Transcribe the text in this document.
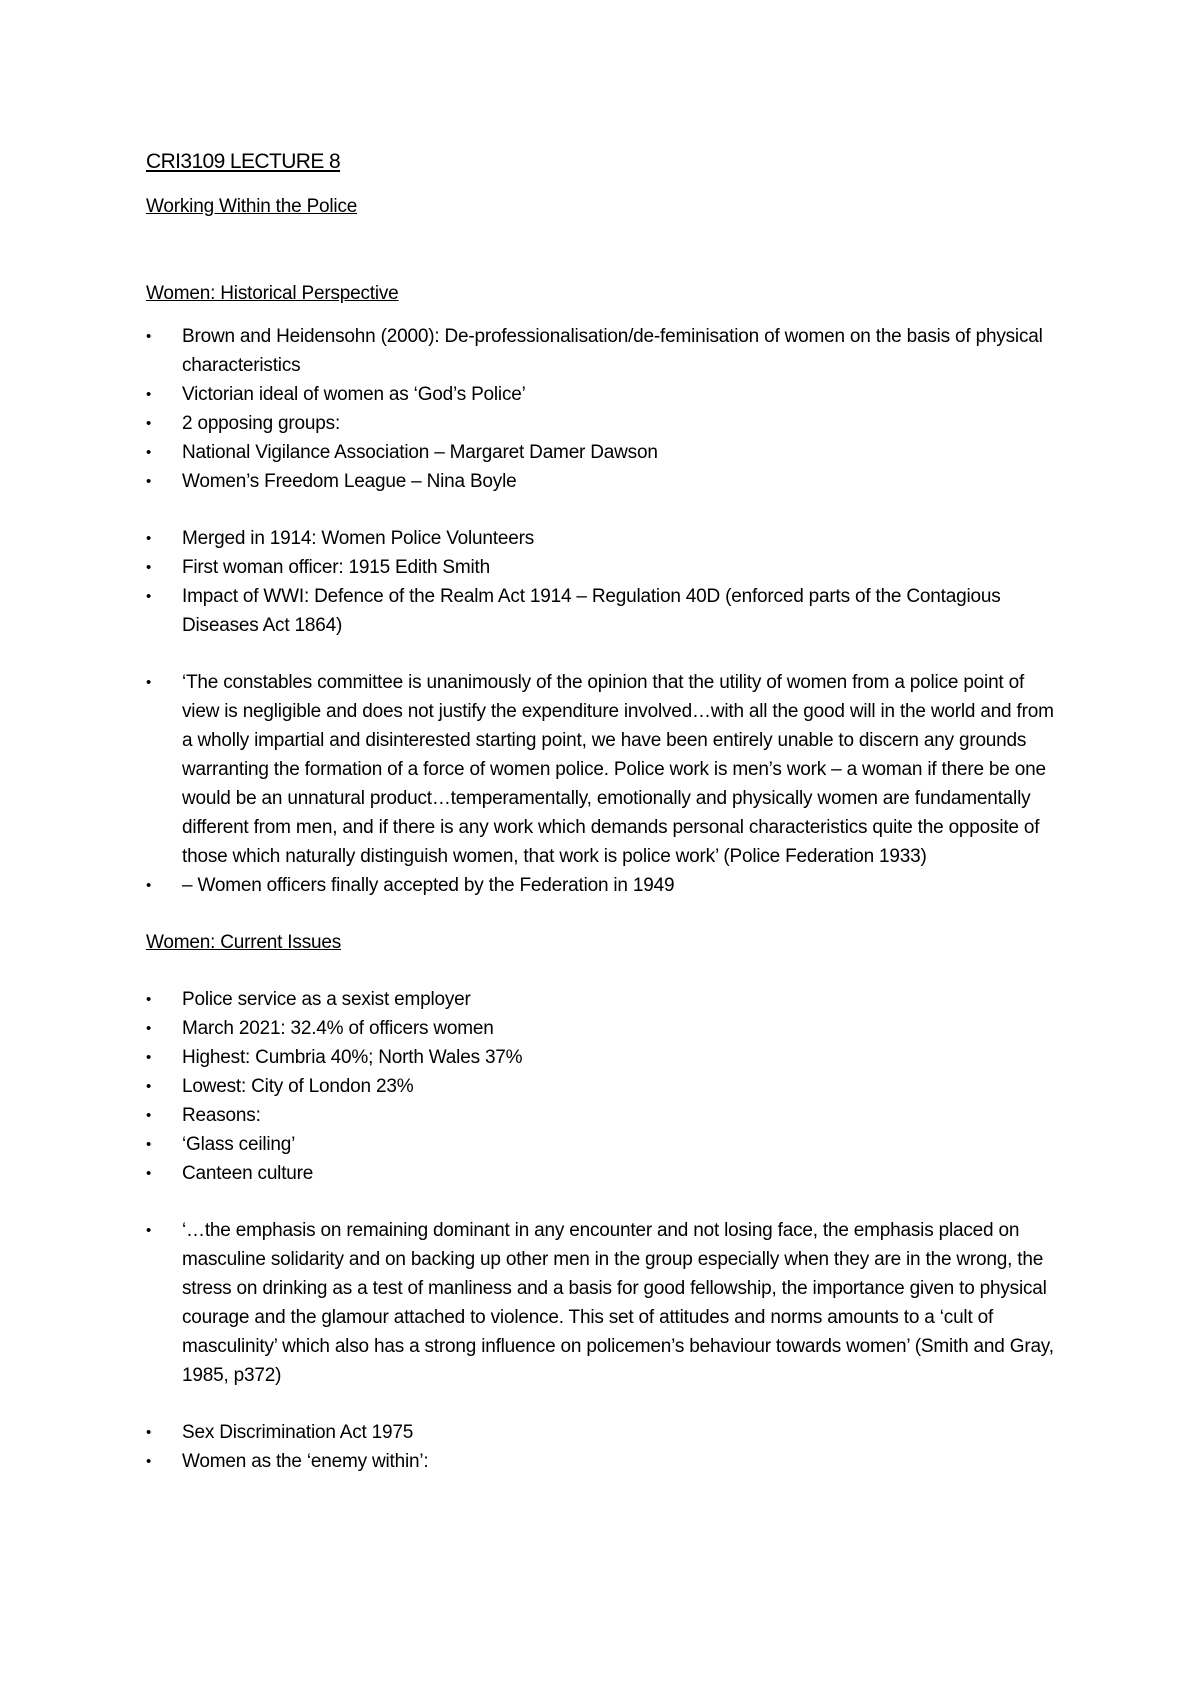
CRI3109 LECTURE 8

Working Within the Police

Women: Historical Perspective

• Brown and Heidensohn (2000): De-professionalisation/de-feminisation of women on the basis of physical characteristics
• Victorian ideal of women as ‘God’s Police’
• 2 opposing groups:
• National Vigilance Association – Margaret Damer Dawson
• Women’s Freedom League – Nina Boyle
• Merged in 1914: Women Police Volunteers
• First woman officer: 1915 Edith Smith
• Impact of WWI: Defence of the Realm Act 1914 – Regulation 40D (enforced parts of the Contagious Diseases Act 1864)
• ‘The constables committee is unanimously of the opinion that the utility of women from a police point of view is negligible and does not justify the expenditure involved…with all the good will in the world and from a wholly impartial and disinterested starting point, we have been entirely unable to discern any grounds warranting the formation of a force of women police. Police work is men’s work – a woman if there be one would be an unnatural product…temperamentally, emotionally and physically women are fundamentally different from men, and if there is any work which demands personal characteristics quite the opposite of those which naturally distinguish women, that work is police work’ (Police Federation 1933)
• – Women officers finally accepted by the Federation in 1949

Women: Current Issues

• Police service as a sexist employer
• March 2021: 32.4% of officers women
• Highest: Cumbria 40%; North Wales 37%
• Lowest: City of London 23%
• Reasons:
• ‘Glass ceiling’
• Canteen culture
• ‘…the emphasis on remaining dominant in any encounter and not losing face, the emphasis placed on masculine solidarity and on backing up other men in the group especially when they are in the wrong, the stress on drinking as a test of manliness and a basis for good fellowship, the importance given to physical courage and the glamour attached to violence. This set of attitudes and norms amounts to a ‘cult of masculinity’ which also has a strong influence on policemen’s behaviour towards women’ (Smith and Gray, 1985, p372)
• Sex Discrimination Act 1975
• Women as the ‘enemy within’:
